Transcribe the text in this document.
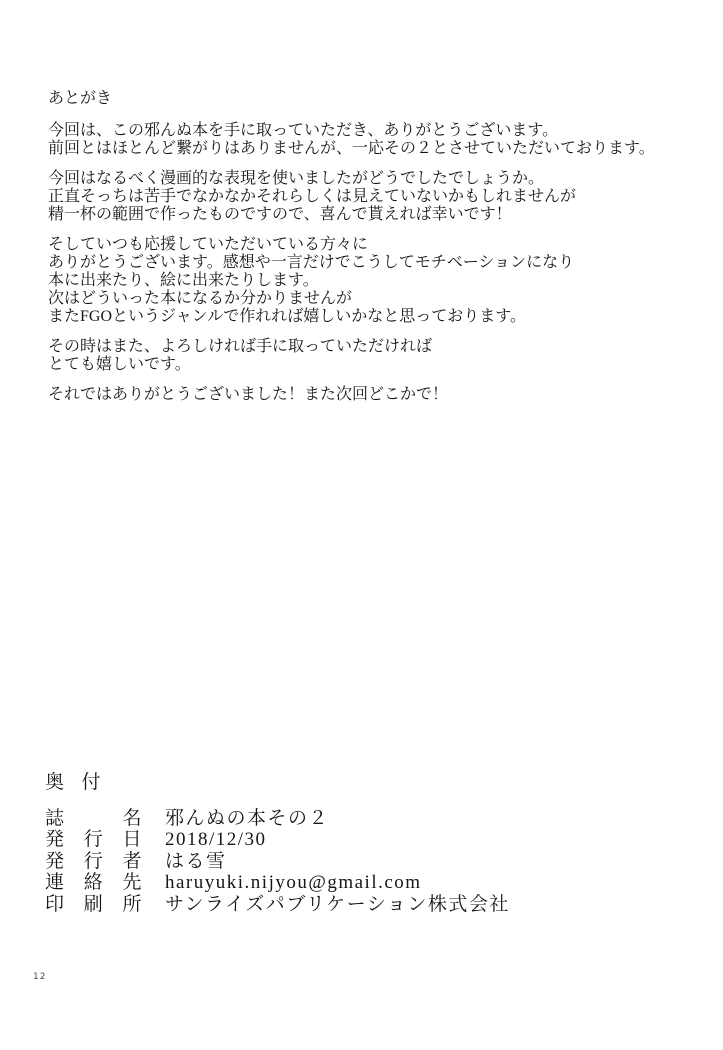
あとがき
今回は、この邪んぬ本を手に取っていただき、ありがとうございます。
前回とはほとんど繋がりはありませんが、一応その２とさせていただいております。
今回はなるべく漫画的な表現を使いましたがどうでしたでしょうか。
正直そっちは苦手でなかなかそれらしくは見えていないかもしれませんが
精一杯の範囲で作ったものですので、喜んで貰えれば幸いです！
そしていつも応援していただいている方々に
ありがとうございます。感想や一言だけでこうしてモチベーションになり
本に出来たり、絵に出来たりします。
次はどういった本になるか分かりませんが
またFGOというジャンルで作れれば嬉しいかなと思っております。
その時はまた、よろしければ手に取っていただければ
とても嬉しいです。
それではありがとうございました！また次回どこかで！
奥付
誌名 邪んぬの本その２
発行日 2018/12/30
発行者 はる雪
連絡先 haruyuki.nijyou@gmail.com
印刷所 サンライズパブリケーション株式会社
12
